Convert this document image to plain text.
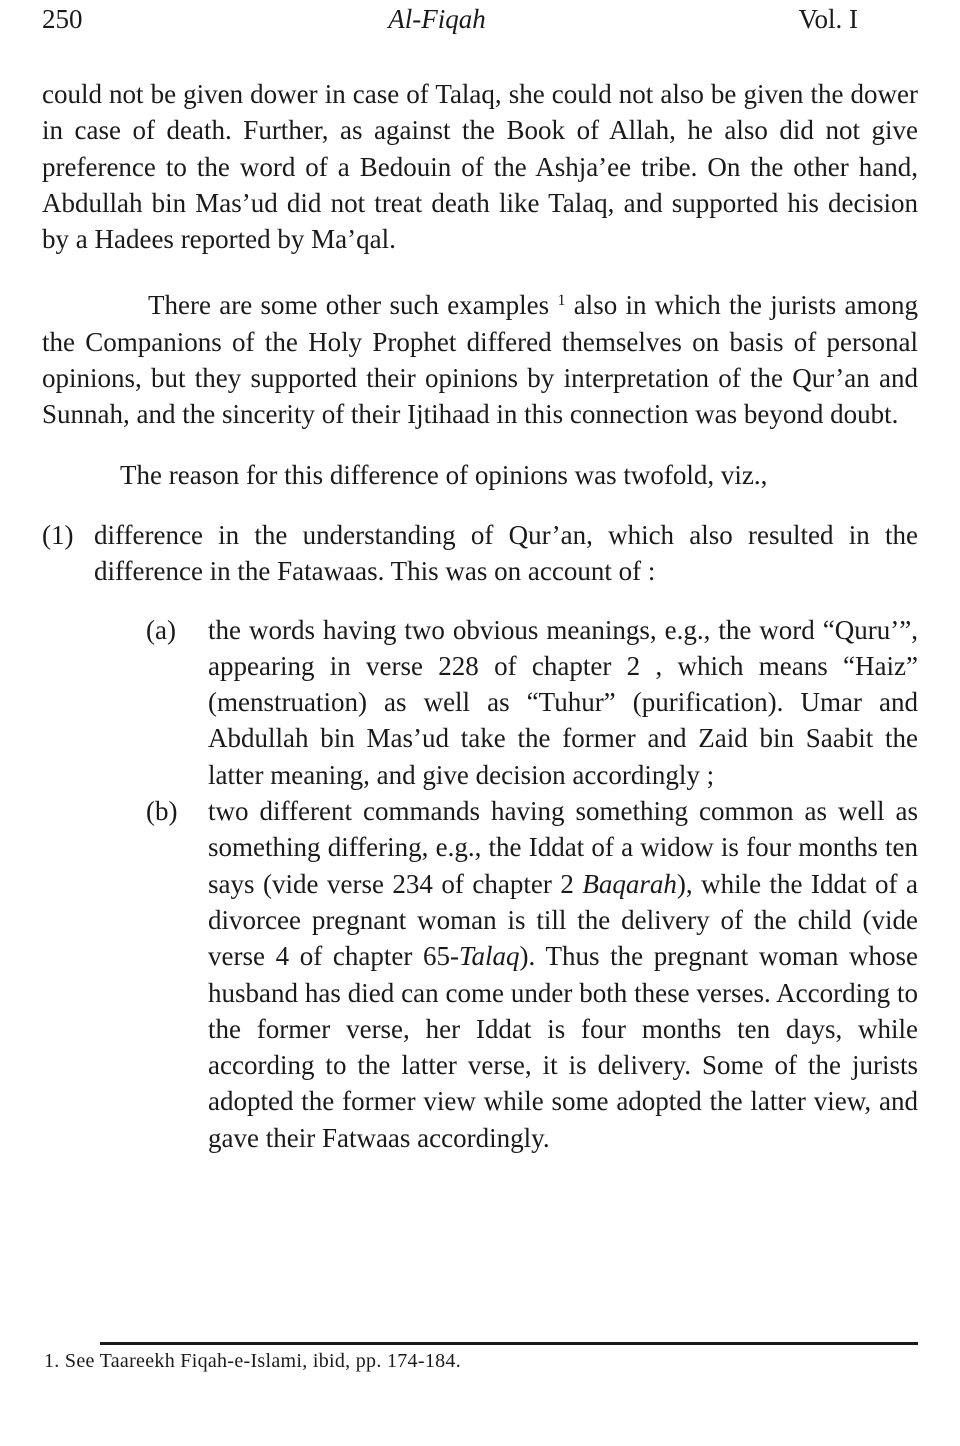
250	Al-Fiqah	Vol. I

could not be given dower in case of Talaq, she could not also be given the dower in case of death. Further, as against the Book of Allah, he also did not give preference to the word of a Bedouin of the Ashja’ee tribe. On the other hand, Abdullah bin Mas’ud did not treat death like Talaq, and supported his decision by a Hadees reported by Ma’qal.

There are some other such examples $^1$ also in which the jurists among the Companions of the Holy Prophet differed themselves on basis of personal opinions, but they supported their opinions by interpretation of the Qur’an and Sunnah, and the sincerity of their Ijtihaad in this connection was beyond doubt.

The reason for this difference of opinions was twofold, viz.,

(1) difference in the understanding of Qur’an, which also resulted in the difference in the Fatawaas. This was on account of :

(a) the words having two obvious meanings, e.g., the word “Quru’”, appearing in verse 228 of chapter 2 , which means “Haiz” (menstruation) as well as “Tuhur” (purification). Umar and Abdullah bin Mas’ud take the former and Zaid bin Saabit the latter meaning, and give decision accordingly ;

(b) two different commands having something common as well as something differing, e.g., the Iddat of a widow is four months ten says (vide verse 234 of chapter 2 Baqarah), while the Iddat of a divorcee pregnant woman is till the delivery of the child (vide verse 4 of chapter 65-Talaq). Thus the pregnant woman whose husband has died can come under both these verses. According to the former verse, her Iddat is four months ten days, while according to the latter verse, it is delivery. Some of the jurists adopted the former view while some adopted the latter view, and gave their Fatwaas accordingly.

1. See Taareekh Fiqah-e-Islami, ibid, pp. 174-184.
